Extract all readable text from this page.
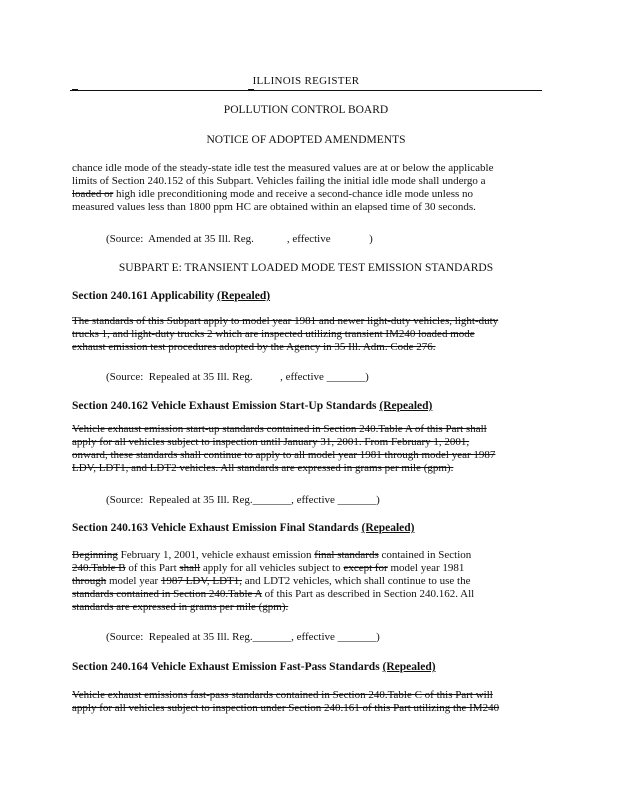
ILLINOIS REGISTER
POLLUTION CONTROL BOARD
NOTICE OF ADOPTED AMENDMENTS
chance idle mode of the steady-state idle test the measured values are at or below the applicable
limits of Section 240.152 of this Subpart. Vehicles failing the initial idle mode shall undergo a
loaded or high idle preconditioning mode and receive a second-chance idle mode unless no
measured values less than 1800 ppm HC are obtained within an elapsed time of 30 seconds.
(Source:  Amended at 35 Ill. Reg.            , effective              )
SUBPART E: TRANSIENT LOADED MODE TEST EMISSION STANDARDS
Section 240.161 Applicability (Repealed)
The standards of this Subpart apply to model year 1981 and newer light-duty vehicles, light-duty
trucks 1, and light-duty trucks 2 which are inspected utilizing transient IM240 loaded mode
exhaust emission test procedures adopted by the Agency in 35 Ill. Adm. Code 276.
(Source:  Repealed at 35 Ill. Reg.          , effective _______)
Section 240.162 Vehicle Exhaust Emission Start-Up Standards (Repealed)
Vehicle exhaust emission start-up standards contained in Section 240.Table A of this Part shall
apply for all vehicles subject to inspection until January 31, 2001. From February 1, 2001,
onward, these standards shall continue to apply to all model year 1981 through model year 1987
LDV, LDT1, and LDT2 vehicles. All standards are expressed in grams per mile (gpm).
(Source:  Repealed at 35 Ill. Reg._______, effective _______)
Section 240.163 Vehicle Exhaust Emission Final Standards (Repealed)
Beginning February 1, 2001, vehicle exhaust emission final standards contained in Section
240.Table B of this Part shall apply for all vehicles subject to except for model year 1981
through model year 1987 LDV, LDT1, and LDT2 vehicles, which shall continue to use the
standards contained in Section 240.Table A of this Part as described in Section 240.162. All
standards are expressed in grams per mile (gpm).
(Source:  Repealed at 35 Ill. Reg._______, effective _______)
Section 240.164 Vehicle Exhaust Emission Fast-Pass Standards (Repealed)
Vehicle exhaust emissions fast-pass standards contained in Section 240.Table C of this Part will
apply for all vehicles subject to inspection under Section 240.161 of this Part utilizing the IM240
